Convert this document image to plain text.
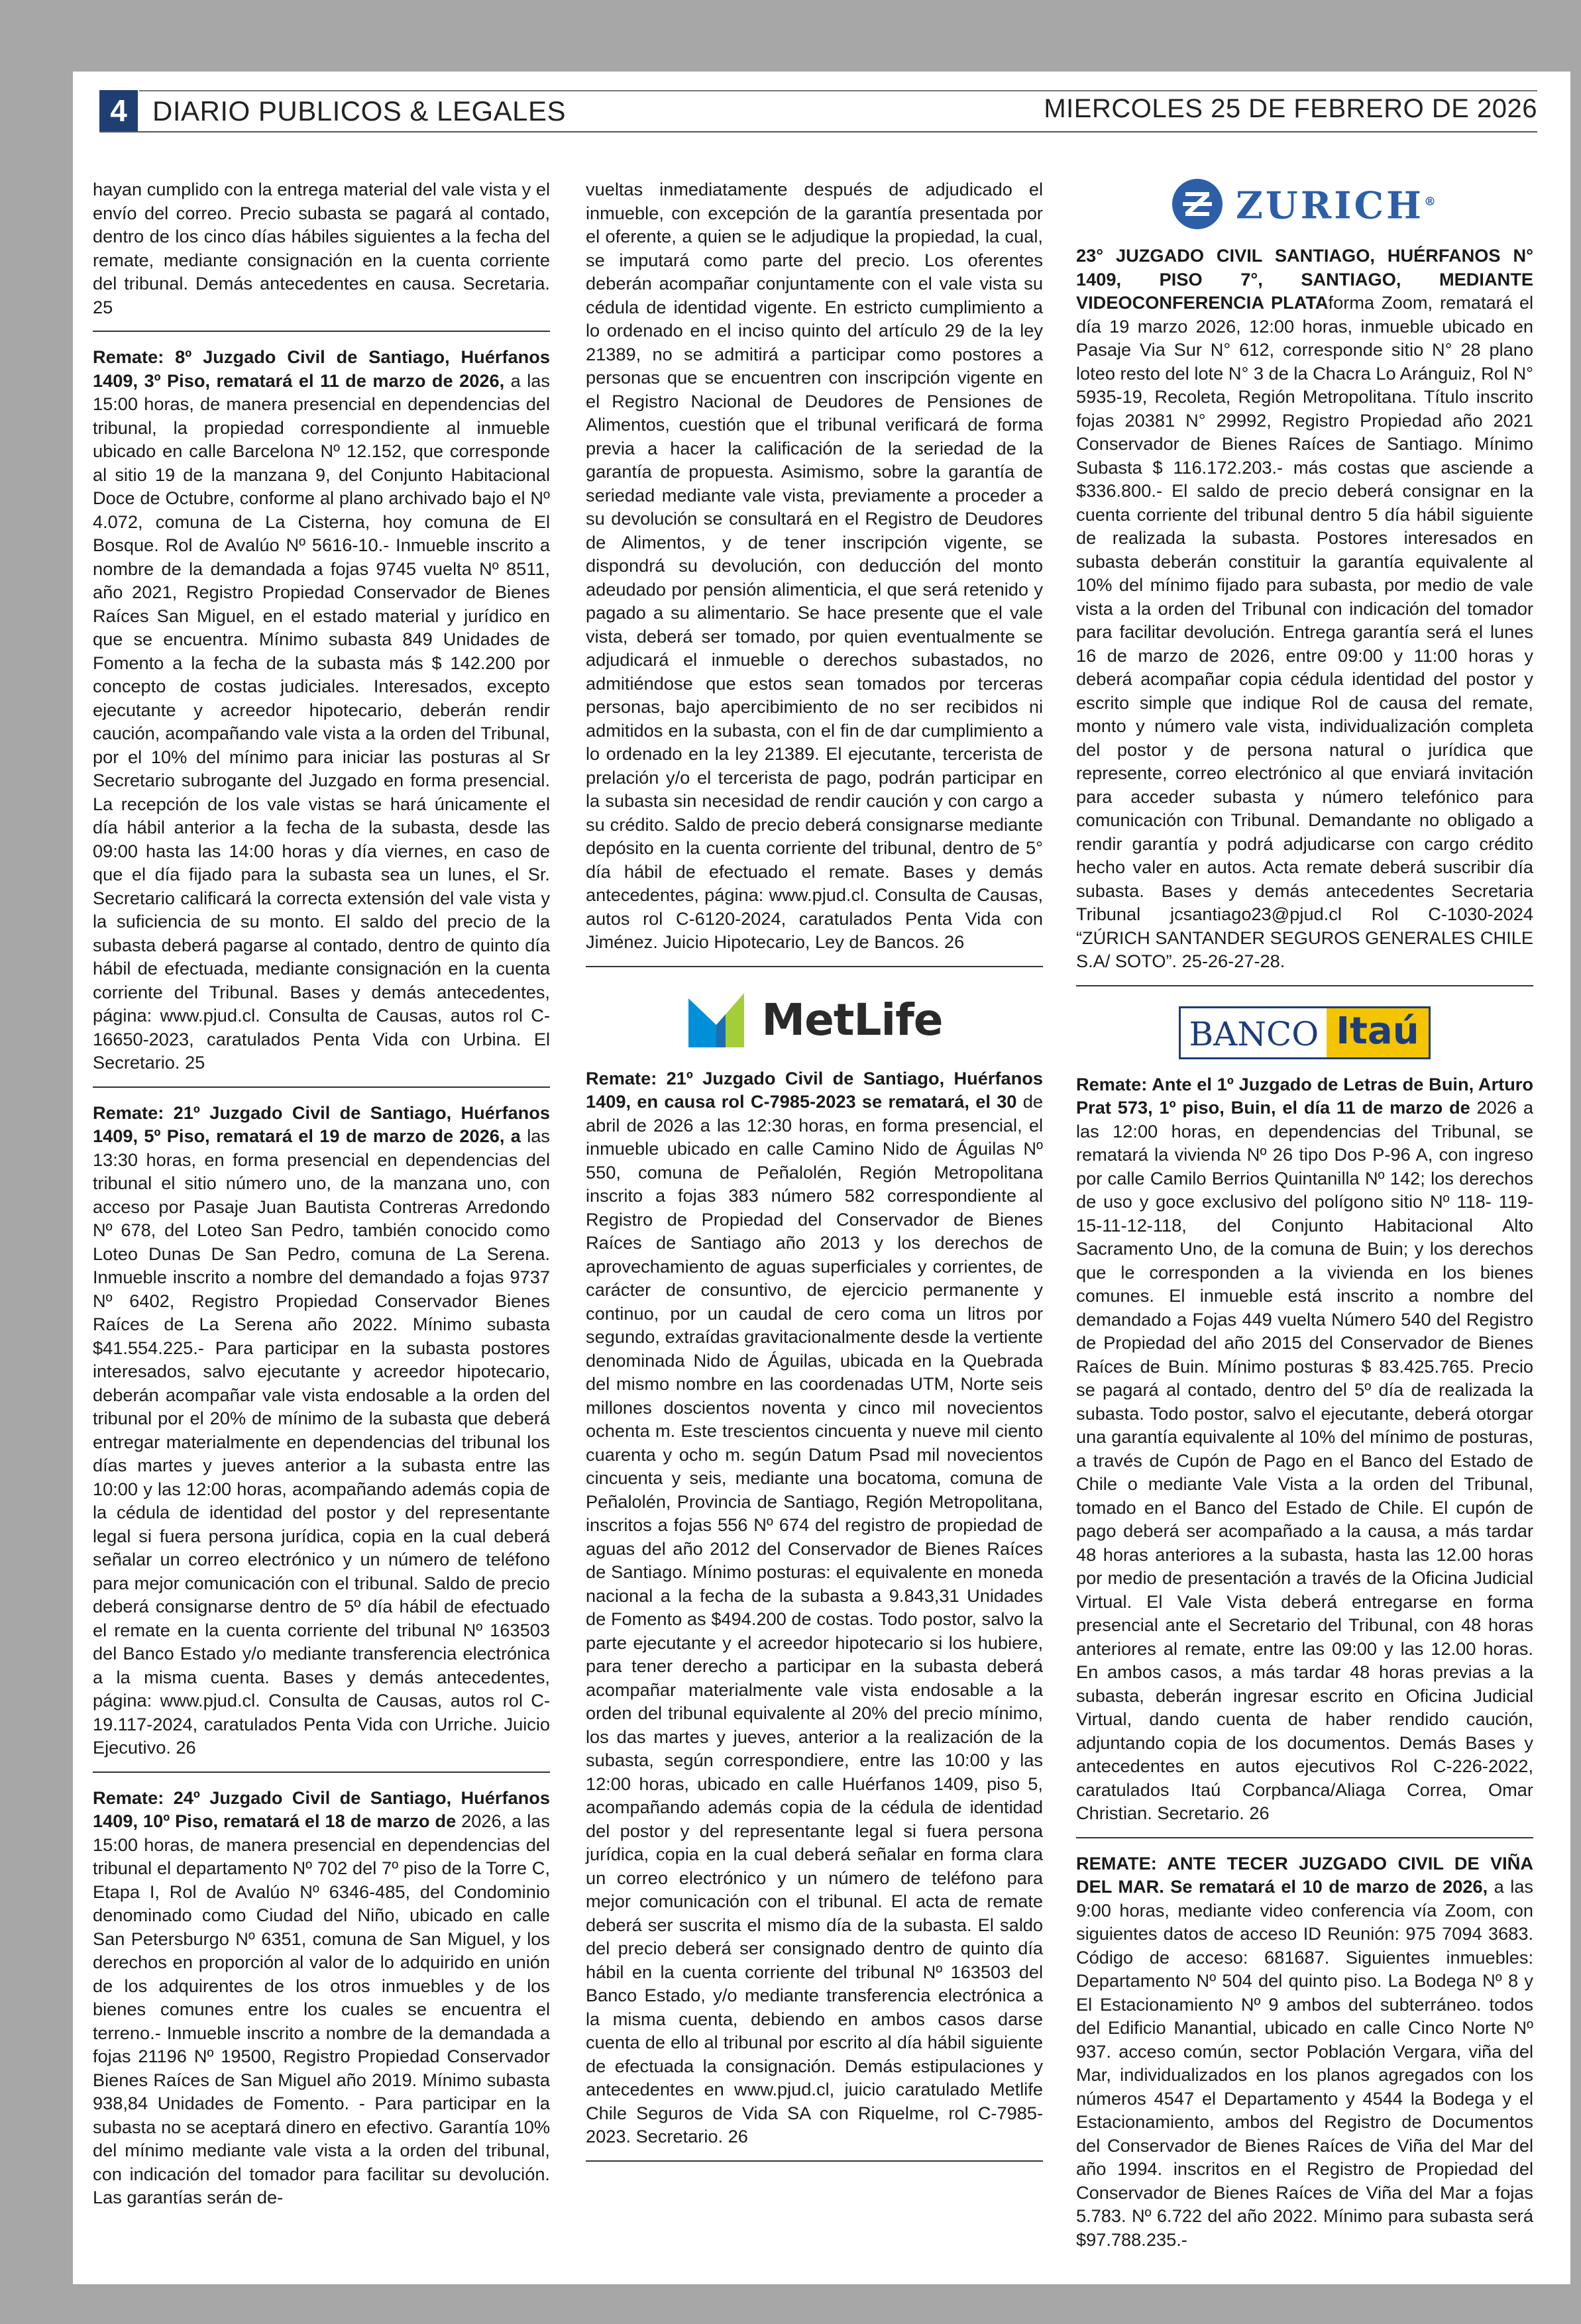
4 DIARIO PUBLICOS & LEGALES	MIERCOLES 25 DE FEBRERO DE 2026

hayan cumplido con la entrega material del vale vista y el envío del correo. Precio subasta se pagará al contado, dentro de los cinco días hábiles siguientes a la fecha del remate, mediante consignación en la cuenta corriente del tribunal. Demás antecedentes en causa. Secretaria. 25

Remate: 8º Juzgado Civil de Santiago, Huérfanos 1409, 3º Piso, rematará el 11 de marzo de 2026, a las 15:00 horas, de manera presencial en dependencias del tribunal, la propiedad correspondiente al inmueble ubicado en calle Barcelona Nº 12.152, que corresponde al sitio 19 de la manzana 9, del Conjunto Habitacional Doce de Octubre, conforme al plano archivado bajo el Nº 4.072, comuna de La Cisterna, hoy comuna de El Bosque. Rol de Avalúo Nº 5616-10.- Inmueble inscrito a nombre de la demandada a fojas 9745 vuelta Nº 8511, año 2021, Registro Propiedad Conservador de Bienes Raíces San Miguel, en el estado material y jurídico en que se encuentra. Mínimo subasta 849 Unidades de Fomento a la fecha de la subasta más $ 142.200 por concepto de costas judiciales. Interesados, excepto ejecutante y acreedor hipotecario, deberán rendir caución, acompañando vale vista a la orden del Tribunal, por el 10% del mínimo para iniciar las posturas al Sr Secretario subrogante del Juzgado en forma presencial. La recepción de los vale vistas se hará únicamente el día hábil anterior a la fecha de la subasta, desde las 09:00 hasta las 14:00 horas y día viernes, en caso de que el día fijado para la subasta sea un lunes, el Sr. Secretario calificará la correcta extensión del vale vista y la suficiencia de su monto. El saldo del precio de la subasta deberá pagarse al contado, dentro de quinto día hábil de efectuada, mediante consignación en la cuenta corriente del Tribunal. Bases y demás antecedentes, página: www.pjud.cl. Consulta de Causas, autos rol C-16650-2023, caratulados Penta Vida con Urbina. El Secretario. 25

Remate: 21º Juzgado Civil de Santiago, Huérfanos 1409, 5º Piso, rematará el 19 de marzo de 2026, a las 13:30 horas, en forma presencial en dependencias del tribunal el sitio número uno, de la manzana uno, con acceso por Pasaje Juan Bautista Contreras Arredondo Nº 678, del Loteo San Pedro, también conocido como Loteo Dunas De San Pedro, comuna de La Serena. Inmueble inscrito a nombre del demandado a fojas 9737 Nº 6402, Registro Propiedad Conservador Bienes Raíces de La Serena año 2022. Mínimo subasta $41.554.225.- Para participar en la subasta postores interesados, salvo ejecutante y acreedor hipotecario, deberán acompañar vale vista endosable a la orden del tribunal por el 20% de mínimo de la subasta que deberá entregar materialmente en dependencias del tribunal los días martes y jueves anterior a la subasta entre las 10:00 y las 12:00 horas, acompañando además copia de la cédula de identidad del postor y del representante legal si fuera persona jurídica, copia en la cual deberá señalar un correo electrónico y un número de teléfono para mejor comunicación con el tribunal. Saldo de precio deberá consignarse dentro de 5º día hábil de efectuado el remate en la cuenta corriente del tribunal Nº 163503 del Banco Estado y/o mediante transferencia electrónica a la misma cuenta. Bases y demás antecedentes, página: www.pjud.cl. Consulta de Causas, autos rol C-19.117-2024, caratulados Penta Vida con Urriche. Juicio Ejecutivo. 26

Remate: 24º Juzgado Civil de Santiago, Huérfanos 1409, 10º Piso, rematará el 18 de marzo de 2026, a las 15:00 horas, de manera presencial en dependencias del tribunal el departamento Nº 702 del 7º piso de la Torre C, Etapa I, Rol de Avalúo Nº 6346-485, del Condominio denominado como Ciudad del Niño, ubicado en calle San Petersburgo Nº 6351, comuna de San Miguel, y los derechos en proporción al valor de lo adquirido en unión de los adquirentes de los otros inmuebles y de los bienes comunes entre los cuales se encuentra el terreno.- Inmueble inscrito a nombre de la demandada a fojas 21196 Nº 19500, Registro Propiedad Conservador Bienes Raíces de San Miguel año 2019. Mínimo subasta 938,84 Unidades de Fomento. - Para participar en la subasta no se aceptará dinero en efectivo. Garantía 10% del mínimo mediante vale vista a la orden del tribunal, con indicación del tomador para facilitar su devolución. Las garantías serán de-

vueltas inmediatamente después de adjudicado el inmueble, con excepción de la garantía presentada por el oferente, a quien se le adjudique la propiedad, la cual, se imputará como parte del precio. Los oferentes deberán acompañar conjuntamente con el vale vista su cédula de identidad vigente. En estricto cumplimiento a lo ordenado en el inciso quinto del artículo 29 de la ley 21389, no se admitirá a participar como postores a personas que se encuentren con inscripción vigente en el Registro Nacional de Deudores de Pensiones de Alimentos, cuestión que el tribunal verificará de forma previa a hacer la calificación de la seriedad de la garantía de propuesta. Asimismo, sobre la garantía de seriedad mediante vale vista, previamente a proceder a su devolución se consultará en el Registro de Deudores de Alimentos, y de tener inscripción vigente, se dispondrá su devolución, con deducción del monto adeudado por pensión alimenticia, el que será retenido y pagado a su alimentario. Se hace presente que el vale vista, deberá ser tomado, por quien eventualmente se adjudicará el inmueble o derechos subastados, no admitiéndose que estos sean tomados por terceras personas, bajo apercibimiento de no ser recibidos ni admitidos en la subasta, con el fin de dar cumplimiento a lo ordenado en la ley 21389. El ejecutante, tercerista de prelación y/o el tercerista de pago, podrán participar en la subasta sin necesidad de rendir caución y con cargo a su crédito. Saldo de precio deberá consignarse mediante depósito en la cuenta corriente del tribunal, dentro de 5° día hábil de efectuado el remate. Bases y demás antecedentes, página: www.pjud.cl. Consulta de Causas, autos rol C-6120-2024, caratulados Penta Vida con Jiménez. Juicio Hipotecario, Ley de Bancos. 26

MetLife

Remate: 21º Juzgado Civil de Santiago, Huérfanos 1409, en causa rol C-7985-2023 se rematará, el 30 de abril de 2026 a las 12:30 horas, en forma presencial, el inmueble ubicado en calle Camino Nido de Águilas Nº 550, comuna de Peñalolén, Región Metropolitana inscrito a fojas 383 número 582 correspondiente al Registro de Propiedad del Conservador de Bienes Raíces de Santiago año 2013 y los derechos de aprovechamiento de aguas superficiales y corrientes, de carácter de consuntivo, de ejercicio permanente y continuo, por un caudal de cero coma un litros por segundo, extraídas gravitacionalmente desde la vertiente denominada Nido de Águilas, ubicada en la Quebrada del mismo nombre en las coordenadas UTM, Norte seis millones doscientos noventa y cinco mil novecientos ochenta m. Este trescientos cincuenta y nueve mil ciento cuarenta y ocho m. según Datum Psad mil novecientos cincuenta y seis, mediante una bocatoma, comuna de Peñalolén, Provincia de Santiago, Región Metropolitana, inscritos a fojas 556 Nº 674 del registro de propiedad de aguas del año 2012 del Conservador de Bienes Raíces de Santiago. Mínimo posturas: el equivalente en moneda nacional a la fecha de la subasta a 9.843,31 Unidades de Fomento as $494.200 de costas. Todo postor, salvo la parte ejecutante y el acreedor hipotecario si los hubiere, para tener derecho a participar en la subasta deberá acompañar materialmente vale vista endosable a la orden del tribunal equivalente al 20% del precio mínimo, los das martes y jueves, anterior a la realización de la subasta, según correspondiere, entre las 10:00 y las 12:00 horas, ubicado en calle Huérfanos 1409, piso 5, acompañando además copia de la cédula de identidad del postor y del representante legal si fuera persona jurídica, copia en la cual deberá señalar en forma clara un correo electrónico y un número de teléfono para mejor comunicación con el tribunal. El acta de remate deberá ser suscrita el mismo día de la subasta. El saldo del precio deberá ser consignado dentro de quinto día hábil en la cuenta corriente del tribunal Nº 163503 del Banco Estado, y/o mediante transferencia electrónica a la misma cuenta, debiendo en ambos casos darse cuenta de ello al tribunal por escrito al día hábil siguiente de efectuada la consignación. Demás estipulaciones y antecedentes en www.pjud.cl, juicio caratulado Metlife Chile Seguros de Vida SA con Riquelme, rol C-7985-2023. Secretario. 26

ZURICH®

23° JUZGADO CIVIL SANTIAGO, HUÉRFANOS N° 1409, PISO 7°, SANTIAGO, MEDIANTE VIDEOCONFERENCIA PLATAforma Zoom, rematará el día 19 marzo 2026, 12:00 horas, inmueble ubicado en Pasaje Via Sur N° 612, corresponde sitio N° 28 plano loteo resto del lote N° 3 de la Chacra Lo Aránguiz, Rol N° 5935-19, Recoleta, Región Metropolitana. Título inscrito fojas 20381 N° 29992, Registro Propiedad año 2021 Conservador de Bienes Raíces de Santiago. Mínimo Subasta $ 116.172.203.- más costas que asciende a $336.800.- El saldo de precio deberá consignar en la cuenta corriente del tribunal dentro 5 día hábil siguiente de realizada la subasta. Postores interesados en subasta deberán constituir la garantía equivalente al 10% del mínimo fijado para subasta, por medio de vale vista a la orden del Tribunal con indicación del tomador para facilitar devolución. Entrega garantía será el lunes 16 de marzo de 2026, entre 09:00 y 11:00 horas y deberá acompañar copia cédula identidad del postor y escrito simple que indique Rol de causa del remate, monto y número vale vista, individualización completa del postor y de persona natural o jurídica que represente, correo electrónico al que enviará invitación para acceder subasta y número telefónico para comunicación con Tribunal. Demandante no obligado a rendir garantía y podrá adjudicarse con cargo crédito hecho valer en autos. Acta remate deberá suscribir día subasta. Bases y demás antecedentes Secretaria Tribunal jcsantiago23@pjud.cl Rol C-1030-2024 “ZÚRICH SANTANDER SEGUROS GENERALES CHILE S.A/ SOTO”. 25-26-27-28.

BANCO Itaú

Remate: Ante el 1º Juzgado de Letras de Buin, Arturo Prat 573, 1º piso, Buin, el día 11 de marzo de 2026 a las 12:00 horas, en dependencias del Tribunal, se rematará la vivienda Nº 26 tipo Dos P-96 A, con ingreso por calle Camilo Berrios Quintanilla Nº 142; los derechos de uso y goce exclusivo del polígono sitio Nº 118- 119-15-11-12-118, del Conjunto Habitacional Alto Sacramento Uno, de la comuna de Buin; y los derechos que le corresponden a la vivienda en los bienes comunes. El inmueble está inscrito a nombre del demandado a Fojas 449 vuelta Número 540 del Registro de Propiedad del año 2015 del Conservador de Bienes Raíces de Buin. Mínimo posturas $ 83.425.765. Precio se pagará al contado, dentro del 5º día de realizada la subasta. Todo postor, salvo el ejecutante, deberá otorgar una garantía equivalente al 10% del mínimo de posturas, a través de Cupón de Pago en el Banco del Estado de Chile o mediante Vale Vista a la orden del Tribunal, tomado en el Banco del Estado de Chile. El cupón de pago deberá ser acompañado a la causa, a más tardar 48 horas anteriores a la subasta, hasta las 12.00 horas por medio de presentación a través de la Oficina Judicial Virtual. El Vale Vista deberá entregarse en forma presencial ante el Secretario del Tribunal, con 48 horas anteriores al remate, entre las 09:00 y las 12.00 horas. En ambos casos, a más tardar 48 horas previas a la subasta, deberán ingresar escrito en Oficina Judicial Virtual, dando cuenta de haber rendido caución, adjuntando copia de los documentos. Demás Bases y antecedentes en autos ejecutivos Rol C-226-2022, caratulados Itaú Corpbanca/Aliaga Correa, Omar Christian. Secretario. 26

REMATE: ANTE TECER JUZGADO CIVIL DE VIÑA DEL MAR. Se rematará el 10 de marzo de 2026, a las 9:00 horas, mediante video conferencia vía Zoom, con siguientes datos de acceso ID Reunión: 975 7094 3683. Código de acceso: 681687. Siguientes inmuebles: Departamento Nº 504 del quinto piso. La Bodega Nº 8 y El Estacionamiento Nº 9 ambos del subterráneo. todos del Edificio Manantial, ubicado en calle Cinco Norte Nº 937. acceso común, sector Población Vergara, viña del Mar, individualizados en los planos agregados con los números 4547 el Departamento y 4544 la Bodega y el Estacionamiento, ambos del Registro de Documentos del Conservador de Bienes Raíces de Viña del Mar del año 1994. inscritos en el Registro de Propiedad del Conservador de Bienes Raíces de Viña del Mar a fojas 5.783. Nº 6.722 del año 2022. Mínimo para subasta será $97.788.235.-
